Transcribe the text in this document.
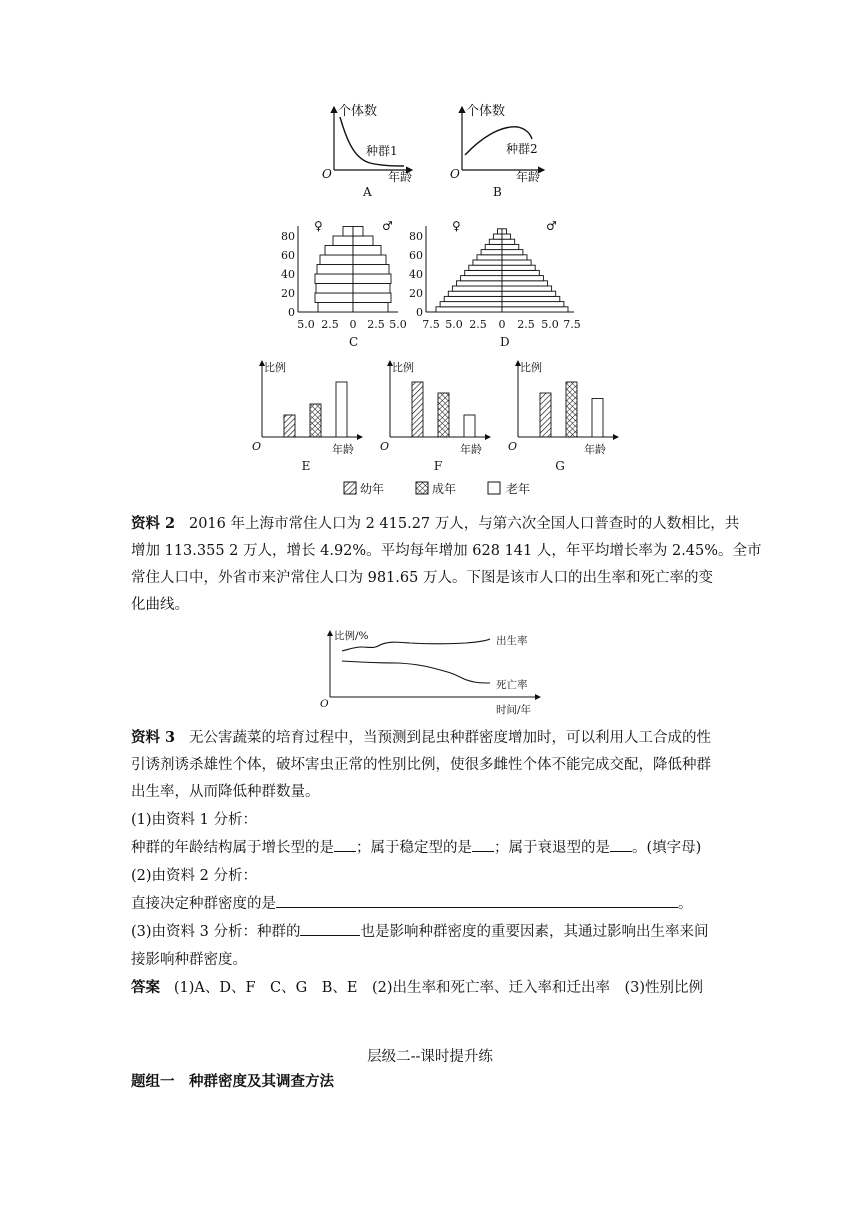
个体数
种群1
O	年龄
A
个体数
种群2
O	年龄
B
♀	♂
0
20
40
60
80
5.0 2.5 0 2.5 5.0
C
♀	♂
0
20
40
60
80
7.5 5.0 2.5 0 2.5 5.0 7.5
D
比例	比例	比例
O	O	O
年龄	年龄	年龄
E	F	G
幼年	成年	老年
资料 2 2016 年上海市常住人口为 2 415.27 万人，与第六次全国人口普查时的人数相比，共
增加 113.355 2 万人，增长 4.92%。平均每年增加 628 141 人，年平均增长率为 2.45%。全市
常住人口中，外省市来沪常住人口为 981.65 万人。下图是该市人口的出生率和死亡率的变
化曲线。
比例/%
O	时间/年
出生率
死亡率
资料 3 无公害蔬菜的培育过程中，当预测到昆虫种群密度增加时，可以利用人工合成的性
引诱剂诱杀雄性个体，破坏害虫正常的性别比例，使很多雌性个体不能完成交配，降低种群
出生率，从而降低种群数量。
(1)由资料 1 分析：
种群的年龄结构属于增长型的是 ；属于稳定型的是 ；属于衰退型的是 。(填字母)
(2)由资料 2 分析：
直接决定种群密度的是	。
(3)由资料 3 分析：种群的	也是影响种群密度的重要因素，其通过影响出生率来间
接影响种群密度。
答案 (1)A、D、F　C、G　B、E　(2)出生率和死亡率、迁入率和迁出率　(3)性别比例
层级二--课时提升练
题组一　种群密度及其调查方法
